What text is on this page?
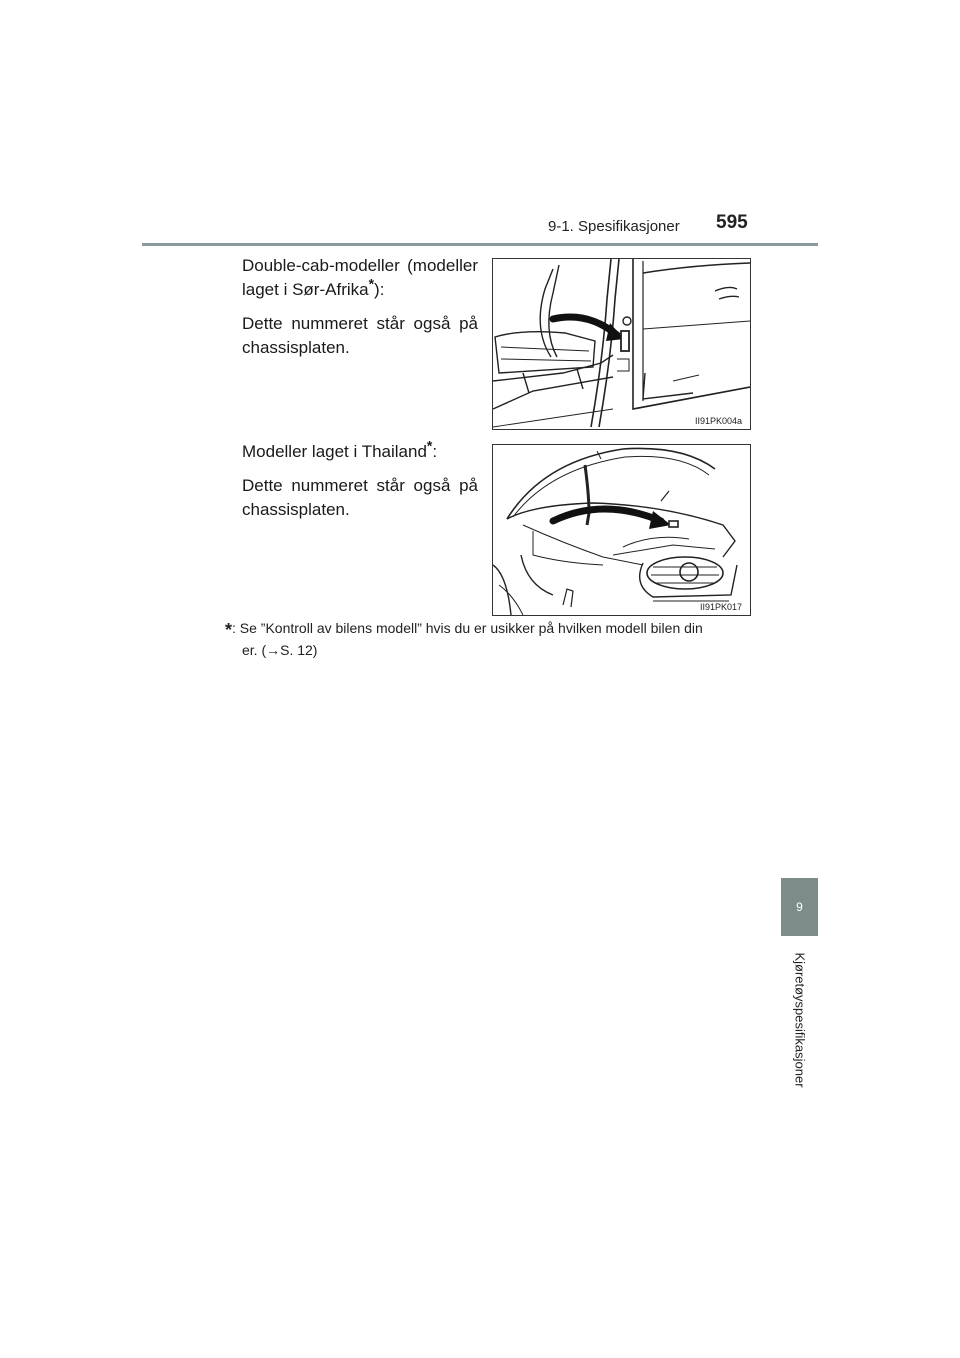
9-1. Spesifikasjoner 595

Double-cab-modeller (modeller laget i Sør-Afrika*):

Dette nummeret står også på chassisplaten.

II91PK004a

Modeller laget i Thailand*:

Dette nummeret står også på chassisplaten.

II91PK017
*: Se ”Kontroll av bilens modell” hvis du er usikker på hvilken modell bilen din
er. (→S. 12)
9
Kjøretøyspesifikasjoner
